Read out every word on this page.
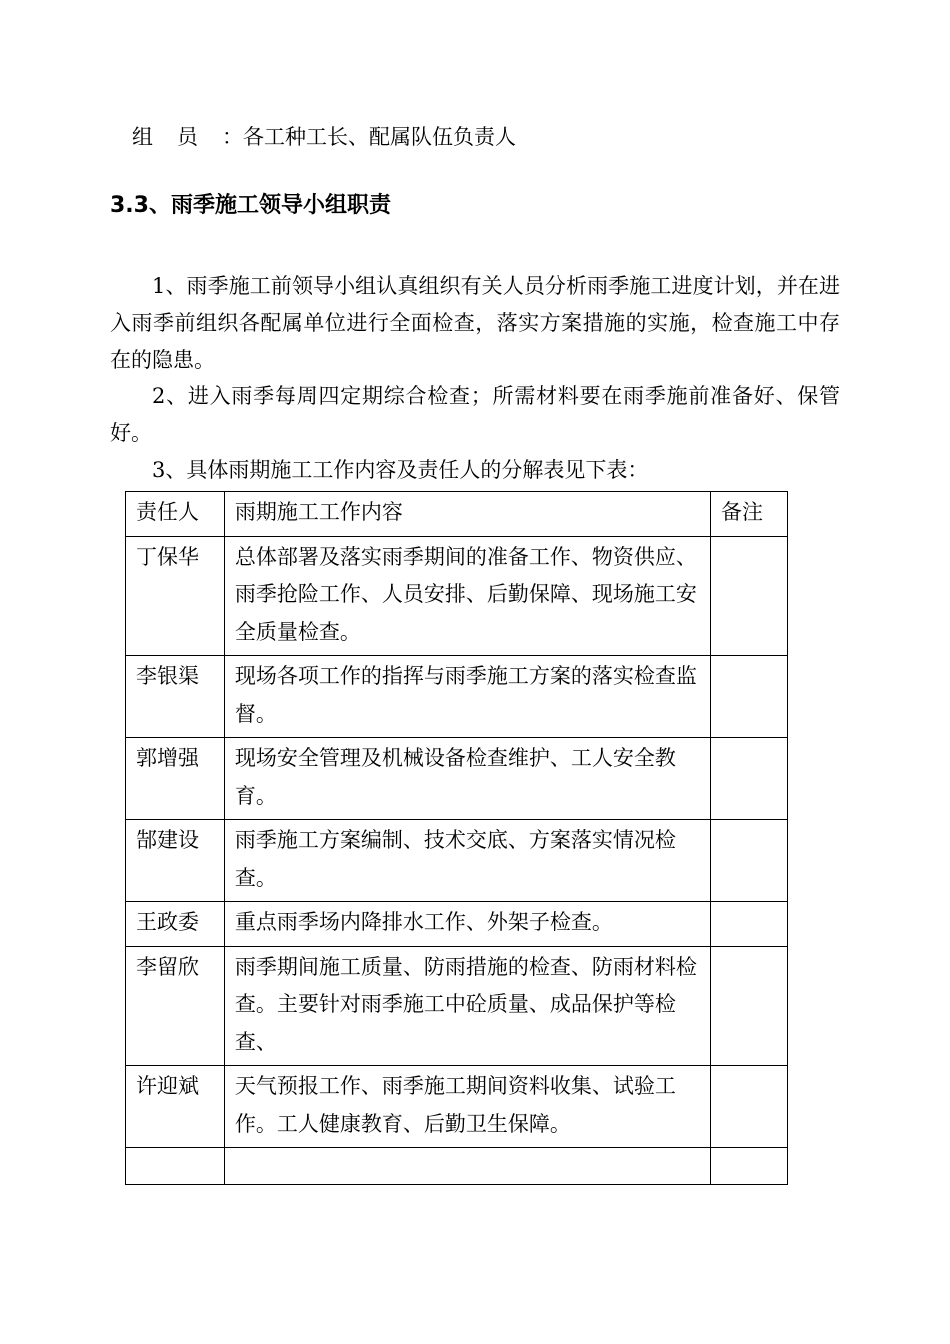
组员：各工种工长、配属队伍负责人
3.3、雨季施工领导小组职责

1、雨季施工前领导小组认真组织有关人员分析雨季施工进度计划，并在进入雨季前组织各配属单位进行全面检查，落实方案措施的实施，检查施工中存在的隐患。

2、进入雨季每周四定期综合检查；所需材料要在雨季施前准备好、保管好。

3、具体雨期施工工作内容及责任人的分解表见下表：

责任人	雨期施工工作内容	备注
丁保华	总体部署及落实雨季期间的准备工作、物资供应、雨季抢险工作、人员安排、后勤保障、现场施工安全质量检查。	
李银渠	现场各项工作的指挥与雨季施工方案的落实检查监督。	
郭增强	现场安全管理及机械设备检查维护、工人安全教育。	
郜建设	雨季施工方案编制、技术交底、方案落实情况检查。	
王政委	重点雨季场内降排水工作、外架子检查。	
李留欣	雨季期间施工质量、防雨措施的检查、防雨材料检查。主要针对雨季施工中砼质量、成品保护等检查、	
许迎斌	天气预报工作、雨季施工期间资料收集、试验工作。工人健康教育、后勤卫生保障。	
